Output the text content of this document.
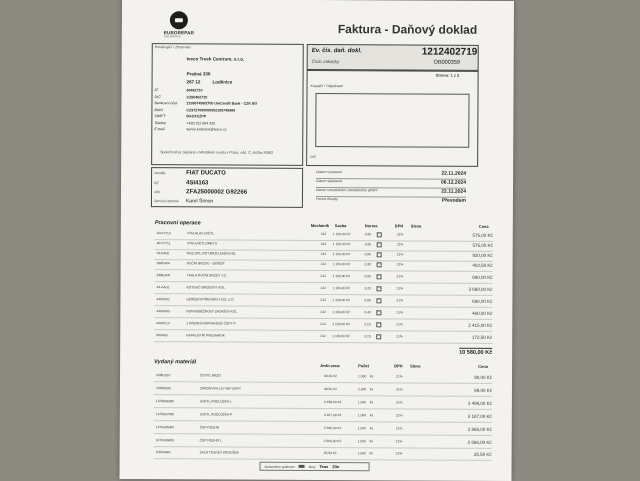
EUROREPAR
CAR SERVICE	Faktura - Daňový doklad
Prodávající / Zhotovitel
Iveco Truck Centrum, s.r.o.
Prašná 330
267 12	Loděnice
IČ	60462710
DIČ	CZ60462710
Bankovní účet	210907499/2700 UniCredit Bank - CZK BÚ
IBAN	CZ9727000000002109749989
SWIFT	BACXCZPP
Telefon	+420 311 604 320
E-mail	servis.lodenice@iveco.cz
Společnost je zapsána v Městském soudu v Praze, odd. C, složka 39362
Ev. čís. daň. dokl.	1212402719
Číslo zakázky	OB000359
Strana: 1 z 2
Kupující / Objednatel
DIČ
Vozidlo	FIAT DUCATO
RZ	4SI4163
VIN	ZFA25000002 G92266
Servisní technik Karel Šimon
Datum vystavení	22.11.2024
Datum splatnosti	06.12.2024
Datum uskutečnění zdanitelného plnění	22.11.2024
Forma úhrady	Převodem
Pracovní operace	Mechanik Sazba	Norma	DPH Sleva	Cena
00-07710	VÝM.HLAV.SVĚTL	212 1 150,00 Kč	0,50	21%	575,00 Kč
00-07711	VÝM.SVĚTLOMETU	212 1 150,00 Kč	0,50	21%	575,00 Kč
33-0A00	ROZ.ORL.ROT.BRZD.ZADN.KOL	212 1 150,00 Kč	0,80	21%	920,00 Kč
338E404	RUČNÍ BRZDU - SEŘÍZIT	212 1 150,00 Kč	0,35	21%	402,50 Kč
33BE408	TÁHLA RUČNÍ BRZDY V.Z	212 1 150,00 Kč	0,60	21%	690,00 Kč
44-AA02	KOTOUČ BRZDOVÝ KOL	212 1 150,00 Kč	3,20	21%	3 680,00 Kč
4400A02	SEŘÍZENÍ PŘEDNÍCH KOL S.O	212 1 150,00 Kč	0,60	21%	690,00 Kč
4400A00	ROVNOBĚŽNOST ZADNÍCH KOL	212 1 150,00 Kč	0,40	21%	460,00 Kč
4400C14	2 PŘEDNÍ NÁPRAVOVÉ ČEPY P	212 1 150,00 Kč	2,10	21%	2 415,00 Kč
993A00	KAPALIŠTNÍ PNEUMATIK	212 1 150,00 Kč	0,15	21%	172,50 Kč
10 580,00 Kč
Vydaný materiál
Jedn.cena	Počet	DPH Sleva	Cena
00951067	ČISTIČ BRZD	90,00 Kč	1,000 ks	21%	90,00 Kč
10985999	ZÁRDOVKA 12V 5W SUFIT.	49,50 Kč	2,000 ks	21%	99,00 Kč
1379666080	SVĚTL.PODLOŽKA L	3 499,00 Kč	1,000 ks	21%	3 499,00 Kč
1379667080	SVĚTL.PODLOŽKA P	3 187,00 Kč	1,000 ks	21%	3 187,00 Kč
1376345080	ČEP ROZHR	2 866,00 Kč	1,000 ks	21%	2 866,00 Kč
1376346080	ČEP ROZHR L	2 866,00 Kč	1,000 ks	21%	2 866,00 Kč
10508640	ZALR TESNICÍ KROUŽEK	25,50 Kč	1,000 ks	21%	25,50 Kč
Zpracováno systémem	firmy Teas Zlín
